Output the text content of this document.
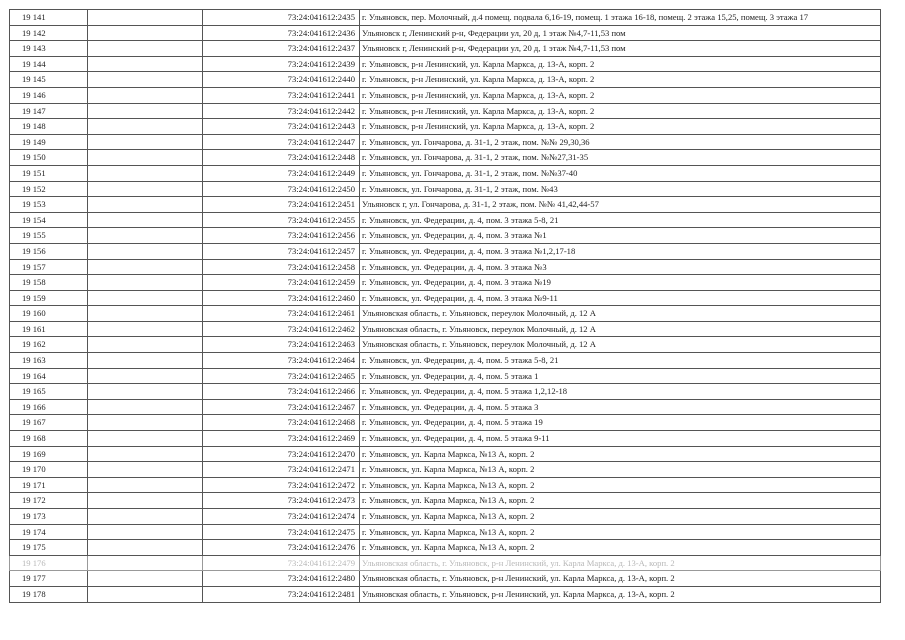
19 141		73:24:041612:2435	г. Ульяновск, пер. Молочный, д.4 помещ. подвала 6,16-19, помещ. 1 этажа 16-18, помещ. 2 этажа 15,25, помещ. 3 этажа 17
19 142		73:24:041612:2436	Ульяновск г, Ленинский р-н, Федерации ул, 20 д, 1 этаж №4,7-11,53 пом
19 143		73:24:041612:2437	Ульяновск г, Ленинский р-н, Федерации ул, 20 д, 1 этаж №4,7-11,53 пом
19 144		73:24:041612:2439	г. Ульяновск, р-н Ленинский, ул. Карла Маркса, д. 13-А, корп. 2
19 145		73:24:041612:2440	г. Ульяновск, р-н Ленинский, ул. Карла Маркса, д. 13-А, корп. 2
19 146		73:24:041612:2441	г. Ульяновск, р-н Ленинский, ул. Карла Маркса, д. 13-А, корп. 2
19 147		73:24:041612:2442	г. Ульяновск, р-н Ленинский, ул. Карла Маркса, д. 13-А, корп. 2
19 148		73:24:041612:2443	г. Ульяновск, р-н Ленинский, ул. Карла Маркса, д. 13-А, корп. 2
19 149		73:24:041612:2447	г. Ульяновск, ул. Гончарова, д. 31-1, 2 этаж, пом. №№ 29,30,36
19 150		73:24:041612:2448	г. Ульяновск, ул. Гончарова, д. 31-1, 2 этаж, пом. №№27,31-35
19 151		73:24:041612:2449	г. Ульяновск, ул. Гончарова, д. 31-1, 2 этаж, пом. №№37-40
19 152		73:24:041612:2450	г. Ульяновск, ул. Гончарова, д. 31-1, 2 этаж, пом. №43
19 153		73:24:041612:2451	Ульяновск г, ул. Гончарова, д. 31-1, 2 этаж, пом. №№ 41,42,44-57
19 154		73:24:041612:2455	г. Ульяновск, ул. Федерации, д. 4, пом. 3 этажа 5-8, 21
19 155		73:24:041612:2456	г. Ульяновск, ул. Федерации, д. 4, пом. 3 этажа №1
19 156		73:24:041612:2457	г. Ульяновск, ул. Федерации, д. 4, пом. 3 этажа №1,2,17-18
19 157		73:24:041612:2458	г. Ульяновск, ул. Федерации, д. 4, пом. 3 этажа №3
19 158		73:24:041612:2459	г. Ульяновск, ул. Федерации, д. 4, пом. 3 этажа №19
19 159		73:24:041612:2460	г. Ульяновск, ул. Федерации, д. 4, пом. 3 этажа №9-11
19 160		73:24:041612:2461	Ульяновская область, г. Ульяновск, переулок Молочный, д. 12 А
19 161		73:24:041612:2462	Ульяновская область, г. Ульяновск, переулок Молочный, д. 12 А
19 162		73:24:041612:2463	Ульяновская область, г. Ульяновск, переулок Молочный, д. 12 А
19 163		73:24:041612:2464	г. Ульяновск, ул. Федерации, д. 4, пом. 5 этажа 5-8, 21
19 164		73:24:041612:2465	г. Ульяновск, ул. Федерации, д. 4, пом. 5 этажа 1
19 165		73:24:041612:2466	г. Ульяновск, ул. Федерации, д. 4, пом. 5 этажа 1,2,12-18
19 166		73:24:041612:2467	г. Ульяновск, ул. Федерации, д. 4, пом. 5 этажа 3
19 167		73:24:041612:2468	г. Ульяновск, ул. Федерации, д. 4, пом. 5 этажа 19
19 168		73:24:041612:2469	г. Ульяновск, ул. Федерации, д. 4, пом. 5 этажа 9-11
19 169		73:24:041612:2470	г. Ульяновск, ул. Карла Маркса, №13 А, корп. 2
19 170		73:24:041612:2471	г. Ульяновск, ул. Карла Маркса, №13 А, корп. 2
19 171		73:24:041612:2472	г. Ульяновск, ул. Карла Маркса, №13 А, корп. 2
19 172		73:24:041612:2473	г. Ульяновск, ул. Карла Маркса, №13 А, корп. 2
19 173		73:24:041612:2474	г. Ульяновск, ул. Карла Маркса, №13 А, корп. 2
19 174		73:24:041612:2475	г. Ульяновск, ул. Карла Маркса, №13 А, корп. 2
19 175		73:24:041612:2476	г. Ульяновск, ул. Карла Маркса, №13 А, корп. 2
19 176		73:24:041612:2479	Ульяновская область, г. Ульяновск, р-н Ленинский, ул. Карла Маркса, д. 13-А, корп. 2
19 177		73:24:041612:2480	Ульяновская область, г. Ульяновск, р-н Ленинский, ул. Карла Маркса, д. 13-А, корп. 2
19 178		73:24:041612:2481	Ульяновская область, г. Ульяновск, р-н Ленинский, ул. Карла Маркса, д. 13-А, корп. 2
